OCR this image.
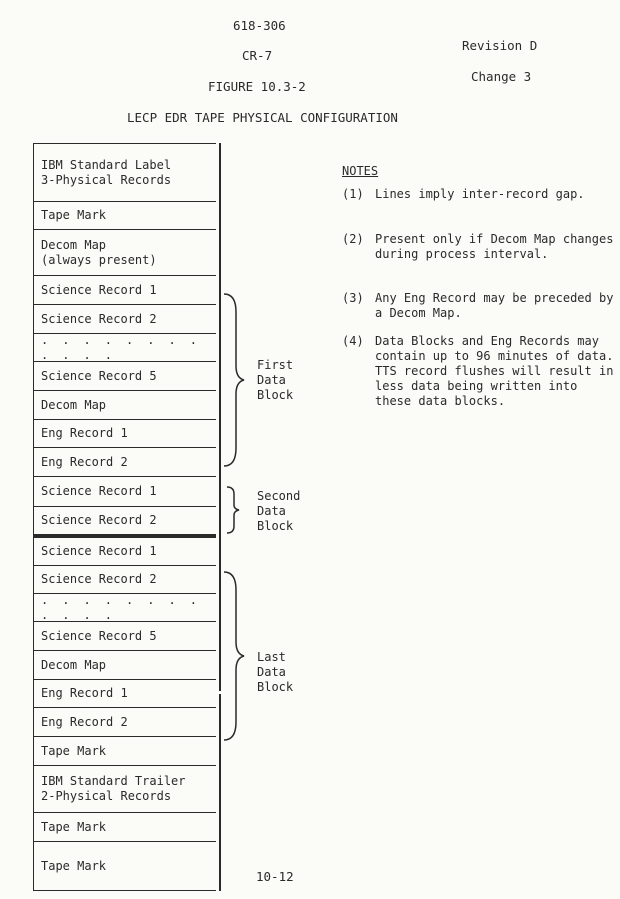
618-306
CR-7
FIGURE 10.3-2
LECP EDR TAPE PHYSICAL CONFIGURATION
Revision D
Change 3
IBM Standard Label
3-Physical Records
Tape Mark
Decom Map
(always present)
Science Record 1
Science Record 2
. . . . . . . . . . . .
Science Record 5
Decom Map
Eng Record 1
Eng Record 2
Science Record 1
Science Record 2
Science Record 1
Science Record 2
. . . . . . . . . . . .
Science Record 5
Decom Map
Eng Record 1
Eng Record 2
Tape Mark
IBM Standard Trailer
2-Physical Records
Tape Mark
Tape Mark
First
Data
Block
Second
Data
Block
Last
Data
Block
NOTES
(1) Lines imply inter-record gap.
(2) Present only if Decom Map changes during process interval.
(3) Any Eng Record may be preceded by a Decom Map.
(4) Data Blocks and Eng Records may contain up to 96 minutes of data. TTS record flushes will result in less data being written into these data blocks.
10-12
